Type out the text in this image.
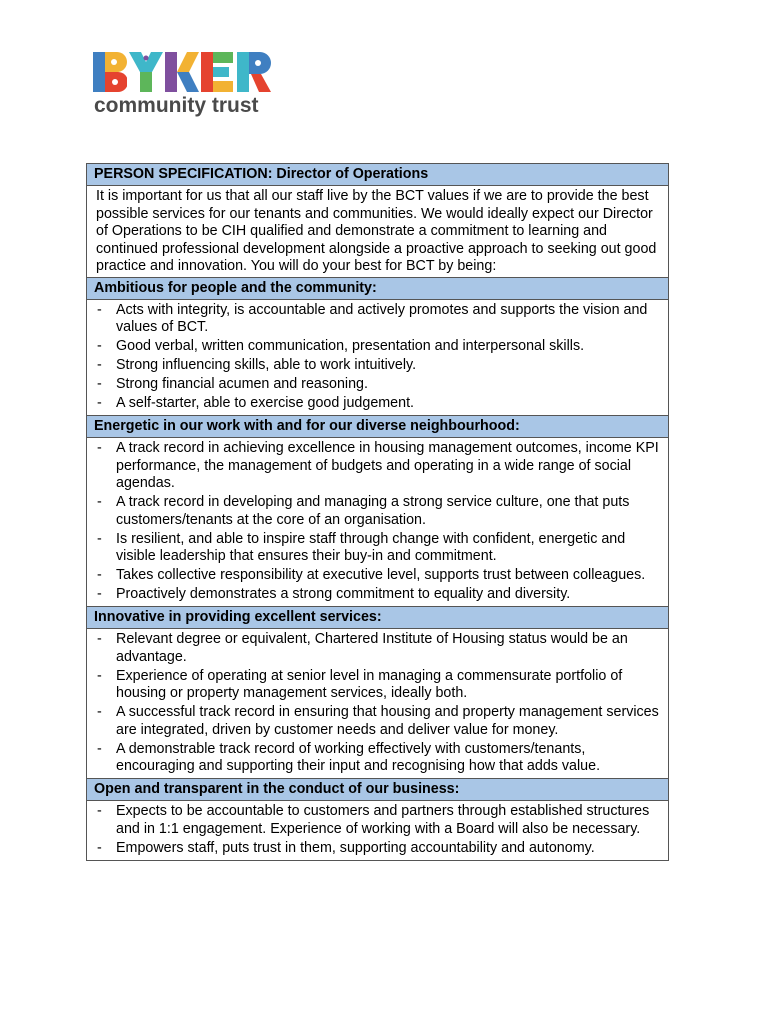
community trust
PERSON SPECIFICATION: Director of Operations
It is important for us that all our staff live by the BCT values if we are to provide the best possible services for our tenants and communities. We would ideally expect our Director of Operations to be CIH qualified and demonstrate a commitment to learning and continued professional development alongside a proactive approach to seeking out good practice and innovation. You will do your best for BCT by being:
Ambitious for people and the community:
- Acts with integrity, is accountable and actively promotes and supports the vision and values of BCT.
- Good verbal, written communication, presentation and interpersonal skills.
- Strong influencing skills, able to work intuitively.
- Strong financial acumen and reasoning.
- A self-starter, able to exercise good judgement.
Energetic in our work with and for our diverse neighbourhood:
- A track record in achieving excellence in housing management outcomes, income KPI performance, the management of budgets and operating in a wide range of social agendas.
- A track record in developing and managing a strong service culture, one that puts customers/tenants at the core of an organisation.
- Is resilient, and able to inspire staff through change with confident, energetic and visible leadership that ensures their buy-in and commitment.
- Takes collective responsibility at executive level, supports trust between colleagues.
- Proactively demonstrates a strong commitment to equality and diversity.
Innovative in providing excellent services:
- Relevant degree or equivalent, Chartered Institute of Housing status would be an advantage.
- Experience of operating at senior level in managing a commensurate portfolio of housing or property management services, ideally both.
- A successful track record in ensuring that housing and property management services are integrated, driven by customer needs and deliver value for money.
- A demonstrable track record of working effectively with customers/tenants, encouraging and supporting their input and recognising how that adds value.
Open and transparent in the conduct of our business:
- Expects to be accountable to customers and partners through established structures and in 1:1 engagement. Experience of working with a Board will also be necessary.
- Empowers staff, puts trust in them, supporting accountability and autonomy.
